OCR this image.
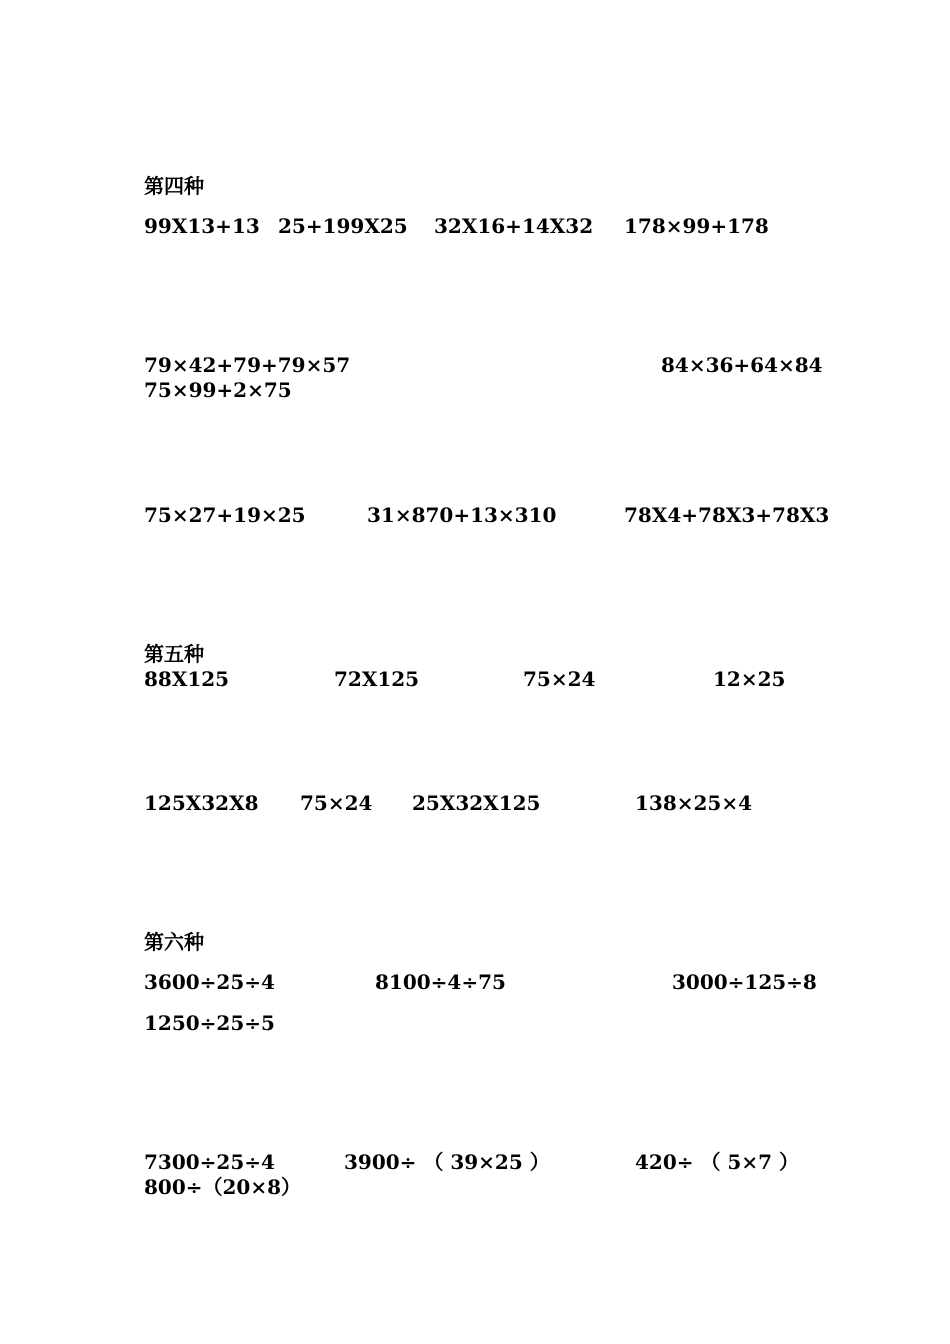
第四种
99X13+13 25+199X25 32X16+14X32 178×99+178
79×42+79+79×57	84×36+64×84
75×99+2×75
75×27+19×25	31×870+13×310	78X4+78X3+78X3
第五种
88X125	72X125	75×24	12×25
125X32X8 75×24 25X32X125	138×25×4
第六种
3600÷25÷4	8100÷4÷75	3000÷125÷8
1250÷25÷5
7300÷25÷4	3900÷ （ 39×25 ）	420÷ （ 5×7 ）
800÷（20×8）
